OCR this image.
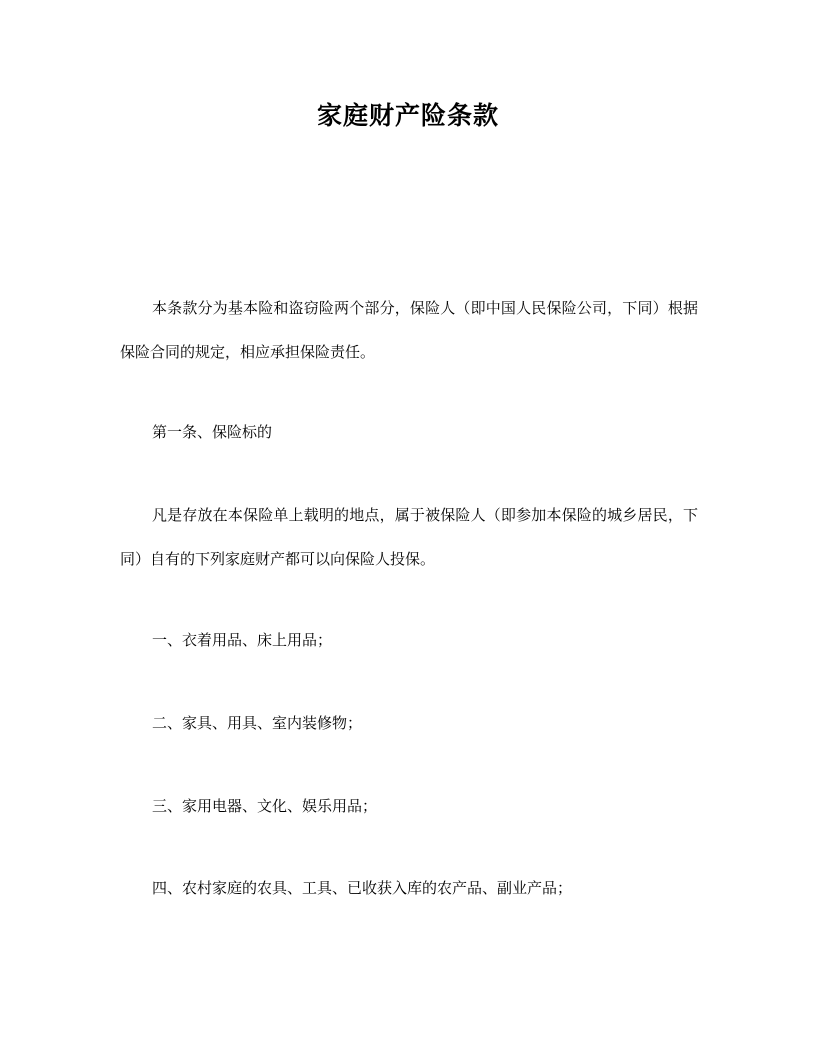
家庭财产险条款
本条款分为基本险和盗窃险两个部分，保险人（即中国人民保险公司，下同）根据保险合同的规定，相应承担保险责任。
第一条、保险标的
凡是存放在本保险单上载明的地点，属于被保险人（即参加本保险的城乡居民，下同）自有的下列家庭财产都可以向保险人投保。
一、衣着用品、床上用品；
二、家具、用具、室内装修物；
三、家用电器、文化、娱乐用品；
四、农村家庭的农具、工具、已收获入库的农产品、副业产品；
